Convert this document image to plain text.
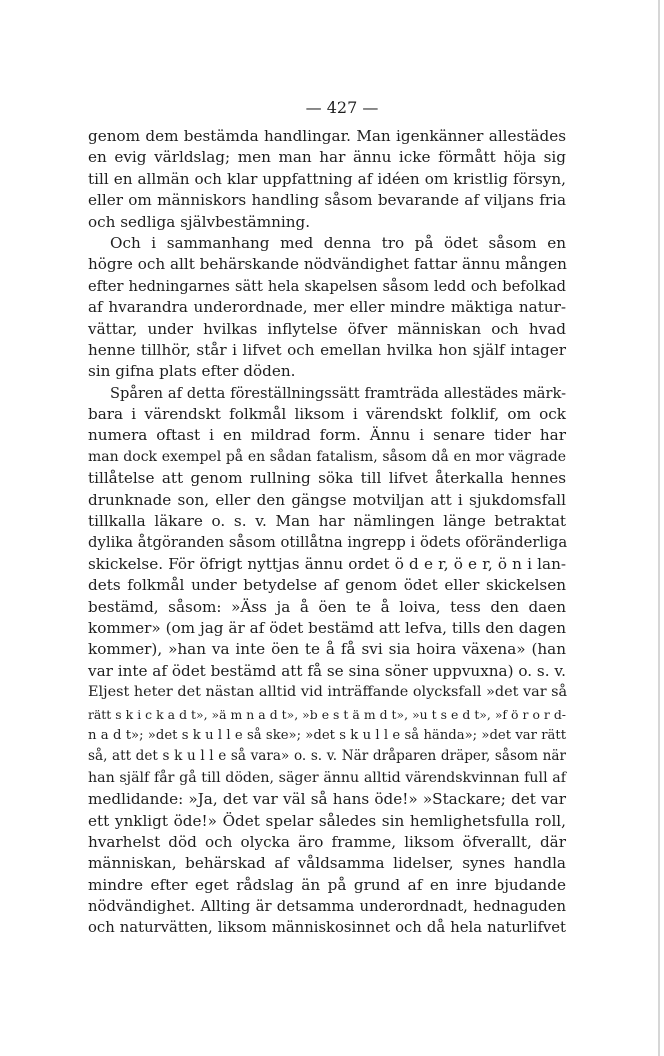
— 427 —
genom dem bestämda handlingar. Man igenkänner allestädes
en evig världslag; men man har ännu icke förmått höja sig
till en allmän och klar uppfattning af idéen om kristlig försyn,
eller om människors handling såsom bevarande af viljans fria
och sedliga självbestämning.
Och i sammanhang med denna tro på ödet såsom en
högre och allt behärskande nödvändighet fattar ännu mången
efter hedningarnes sätt hela skapelsen såsom ledd och befolkad
af hvarandra underordnade, mer eller mindre mäktiga natur-
vättar, under hvilkas inflytelse öfver människan och hvad
henne tillhör, står i lifvet och emellan hvilka hon själf intager
sin gifna plats efter döden.
Spåren af detta föreställningssätt framträda allestädes märk-
bara i värendskt folkmål liksom i värendskt folklif, om ock
numera oftast i en mildrad form. Ännu i senare tider har
man dock exempel på en sådan fatalism, såsom då en mor vägrade
tillåtelse att genom rullning söka till lifvet återkalla hennes
drunknade son, eller den gängse motviljan att i sjukdomsfall
tillkalla läkare o. s. v. Man har nämlingen länge betraktat
dylika åtgöranden såsom otillåtna ingrepp i ödets oföränderliga
skickelse. För öfrigt nyttjas ännu ordet ö d e r, ö e r, ö n i lan-
dets folkmål under betydelse af genom ödet eller skickelsen
bestämd, såsom: »Äss ja å öen te å loiva, tess den daen
kommer» (om jag är af ödet bestämd att lefva, tills den dagen
kommer), »han va inte öen te å få svi sia hoira växena» (han
var inte af ödet bestämd att få se sina söner uppvuxna) o. s. v.
Eljest heter det nästan alltid vid inträffande olycksfall »det var så
rätt s k i c k a d t», »ä m n a d t», »b e s t ä m d t», »u t s e d t», »f ö r o r d-
n a d t»; »det s k u l l e så ske»; »det s k u l l e så hända»; »det var rätt
så, att det s k u l l e så vara» o. s. v. När dråparen dräper, såsom när
han själf får gå till döden, säger ännu alltid värendskvinnan full af
medlidande: »Ja, det var väl så hans öde!» »Stackare; det var
ett ynkligt öde!» Ödet spelar således sin hemlighetsfulla roll,
hvarhelst död och olycka äro framme, liksom öfverallt, där
människan, behärskad af våldsamma lidelser, synes handla
mindre efter eget rådslag än på grund af en inre bjudande
nödvändighet. Allting är detsamma underordnadt, hednaguden
och naturvätten, liksom människosinnet och då hela naturlifvet
